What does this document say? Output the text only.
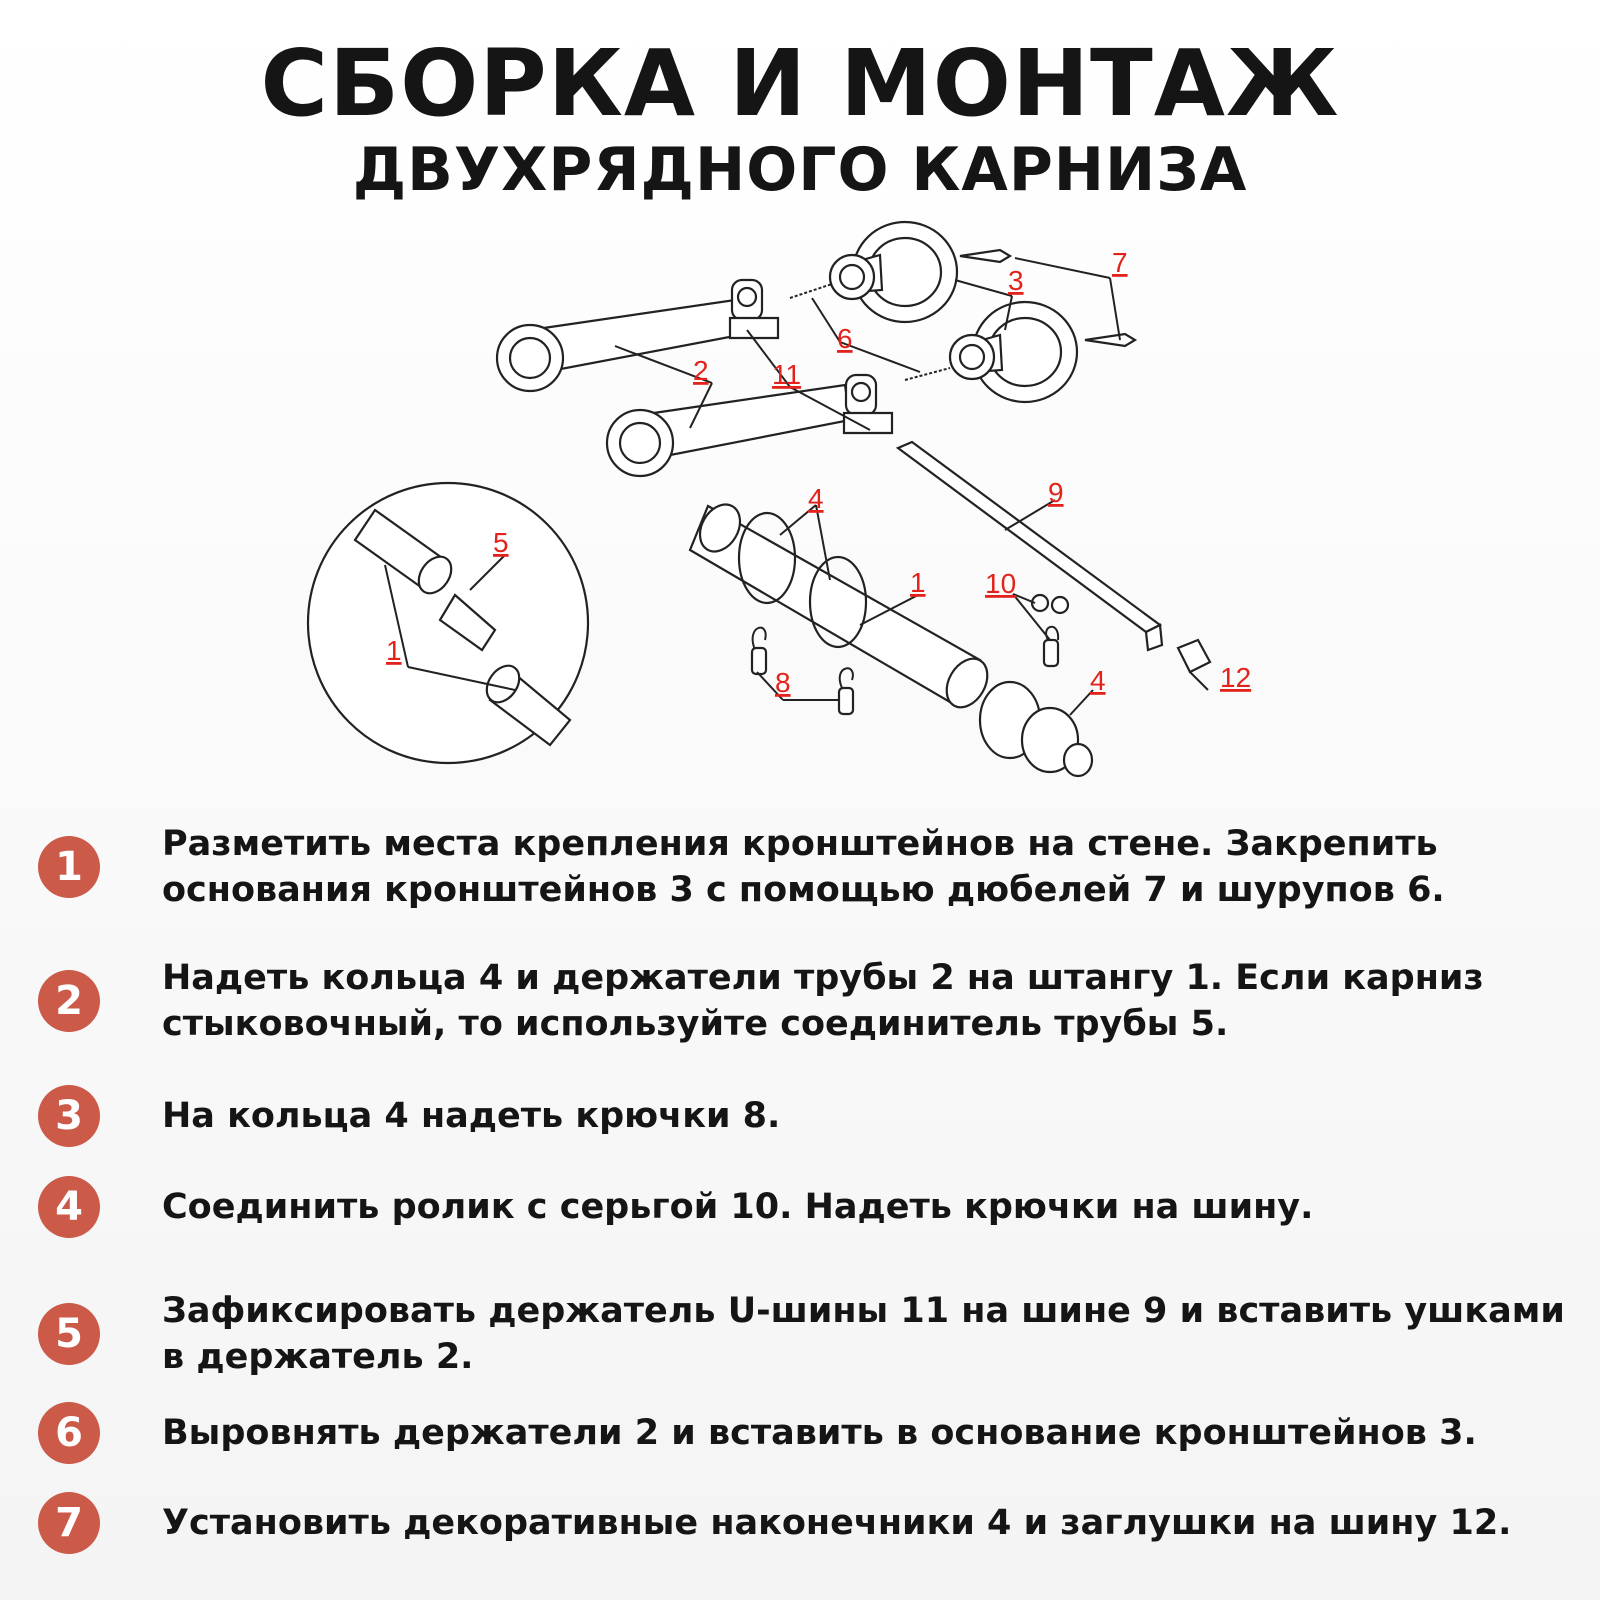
СБОРКА И МОНТАЖ
ДВУХРЯДНОГО КАРНИЗА
1
1
2
3
4
4
5
6
7
8
9
10
11
12
1	Разметить места крепления кронштейнов на стене. Закрепить основания кронштейнов 3 с помощью дюбелей 7 и шурупов 6.
2	Надеть кольца 4 и держатели трубы 2 на штангу 1. Если карниз стыковочный, то используйте соединитель трубы 5.
3	На кольца 4 надеть крючки 8.
4	Соединить ролик с серьгой 10. Надеть крючки на шину.
5	Зафиксировать держатель U-шины 11 на шине 9 и вставить ушками в держатель 2.
6	Выровнять держатели 2 и вставить в основание кронштейнов 3.
7	Установить декоративные наконечники 4 и заглушки на шину 12.
